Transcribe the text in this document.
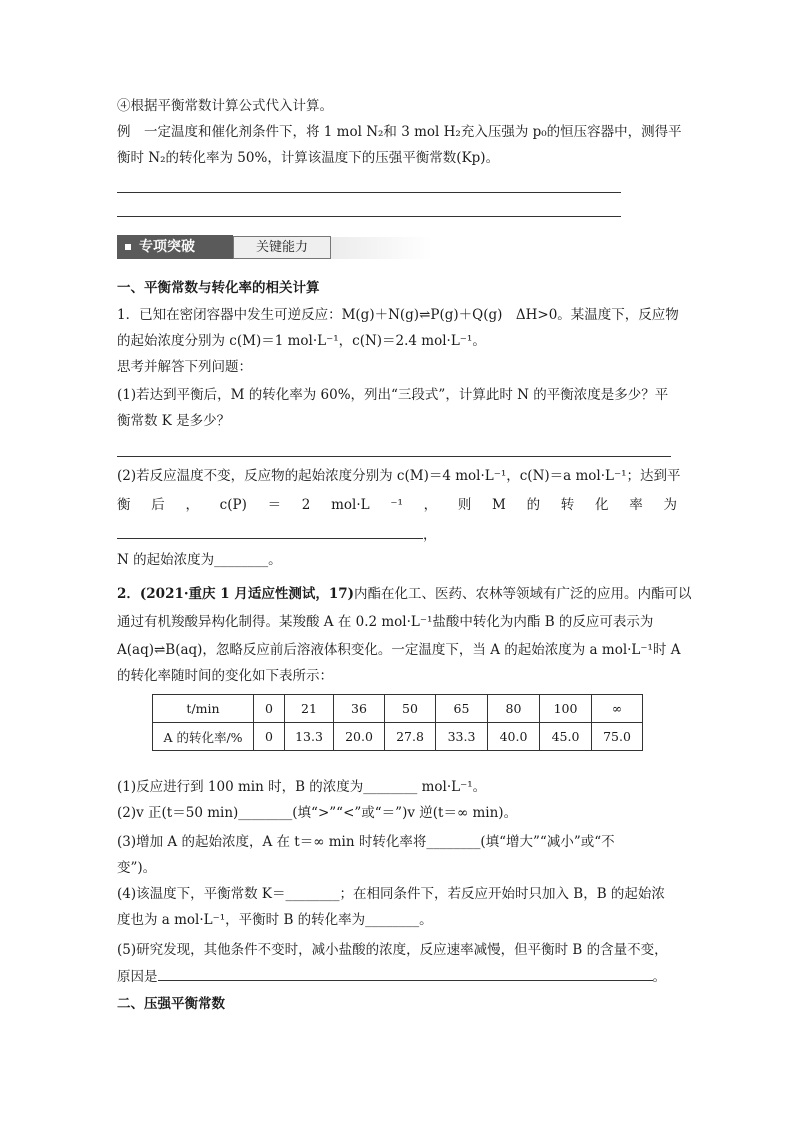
④根据平衡常数计算公式代入计算。
例　一定温度和催化剂条件下，将 1 mol N₂和 3 mol H₂充入压强为 p₀的恒压容器中，测得平
衡时 N₂的转化率为 50%，计算该温度下的压强平衡常数(Kp)。
专项突破	关键能力
一、平衡常数与转化率的相关计算
1．已知在密闭容器中发生可逆反应：M(g)＋N(g)⇌P(g)＋Q(g)　ΔH>0。某温度下，反应物
的起始浓度分别为 c(M)＝1 mol·L⁻¹，c(N)＝2.4 mol·L⁻¹。
思考并解答下列问题：
(1)若达到平衡后，M 的转化率为 60%，列出“三段式”，计算此时 N 的平衡浓度是多少？平
衡常数 K 是多少？
(2)若反应温度不变，反应物的起始浓度分别为 c(M)＝4 mol·L⁻¹，c(N)＝a mol·L⁻¹；达到平
衡 后 ， c(P) ＝ 2 mol·L ⁻¹ ， 则 M 的 转 化 率 为
，
N 的起始浓度为________。
2．(2021·重庆 1 月适应性测试，17)内酯在化工、医药、农林等领域有广泛的应用。内酯可以
通过有机羧酸异构化制得。某羧酸 A 在 0.2 mol·L⁻¹盐酸中转化为内酯 B 的反应可表示为
A(aq)⇌B(aq)，忽略反应前后溶液体积变化。一定温度下，当 A 的起始浓度为 a mol·L⁻¹时 A
的转化率随时间的变化如下表所示：
t/min	0	21	36	50	65	80	100	∞
A 的转化率/%	0	13.3	20.0	27.8	33.3	40.0	45.0	75.0
(1)反应进行到 100 min 时，B 的浓度为________ mol·L⁻¹。
(2)v 正(t＝50 min)________(填“>”“<”或“＝”)v 逆(t＝∞ min)。
(3)增加 A 的起始浓度，A 在 t＝∞ min 时转化率将________(填“增大”“减小”或“不
变”)。
(4)该温度下，平衡常数 K＝________；在相同条件下，若反应开始时只加入 B，B 的起始浓
度也为 a mol·L⁻¹，平衡时 B 的转化率为________。
(5)研究发现，其他条件不变时，减小盐酸的浓度，反应速率减慢，但平衡时 B 的含量不变，
原因是	。
二、压强平衡常数
